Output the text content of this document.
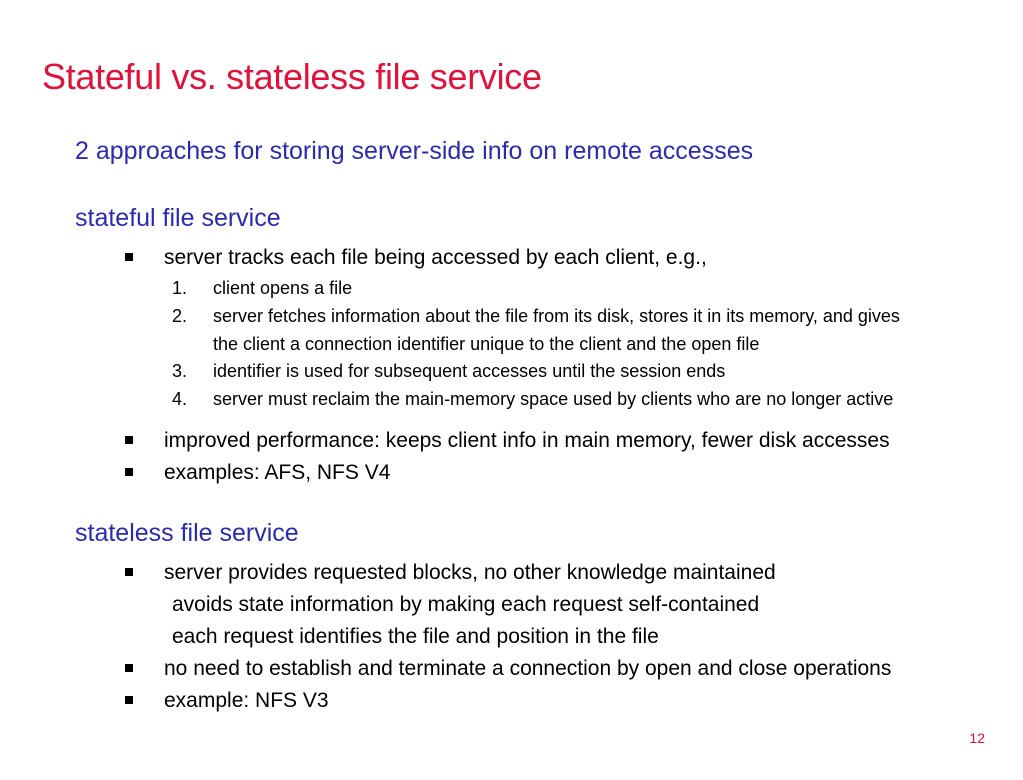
Stateful vs. stateless file service
2 approaches for storing server-side info on remote accesses
stateful file service
server tracks each file being accessed by each client, e.g.,
1.	client opens a file
2.	server fetches information about the file from its disk, stores it in its memory, and gives
the client a connection identifier unique to the client and the open file
3.	identifier is used for subsequent accesses until the session ends
4.	server must reclaim the main-memory space used by clients who are no longer active
improved performance: keeps client info in main memory, fewer disk accesses
examples: AFS, NFS V4
stateless file service
server provides requested blocks, no other knowledge maintained
avoids state information by making each request self-contained
each request identifies the file and position in the file
no need to establish and terminate a connection by open and close operations
example: NFS V3
12
